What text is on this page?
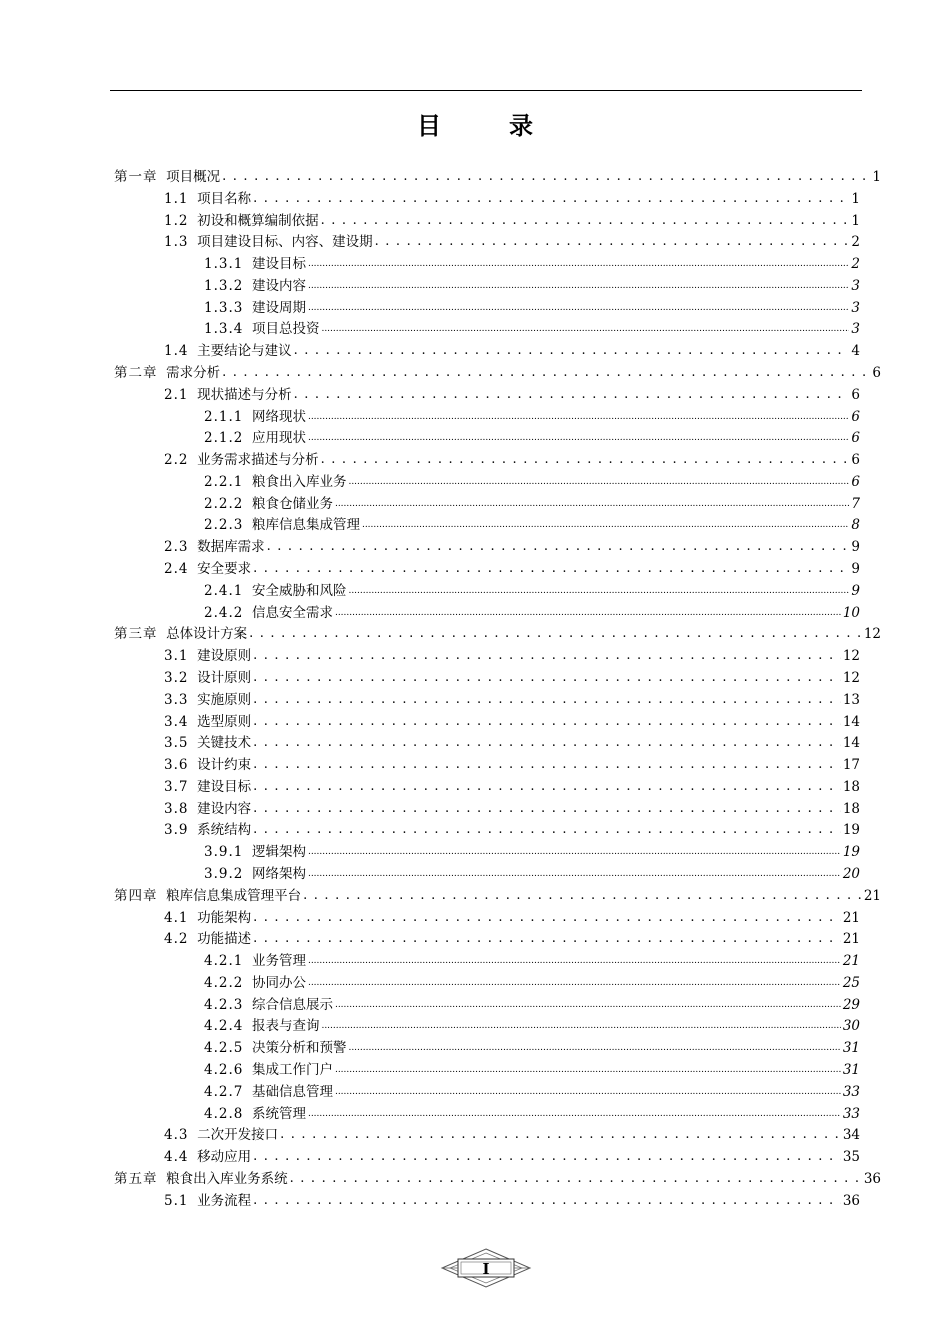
目　录
第一章 项目概况 . . .	1
1.1 项目名称 . . .	1
1.2 初设和概算编制依据 . . .	1
1.3 项目建设目标、内容、建设期 . . .	2
1.3.1 建设目标 .....	2
1.3.2 建设内容 .....	3
1.3.3 建设周期 .....	3
1.3.4 项目总投资 .....	3
1.4 主要结论与建议 . . .	4
第二章 需求分析 . . .	6
2.1 现状描述与分析 . . .	6
2.1.1 网络现状 .....	6
2.1.2 应用现状 .....	6
2.2 业务需求描述与分析 . . .	6
2.2.1 粮食出入库业务 .....	6
2.2.2 粮食仓储业务 .....	7
2.2.3 粮库信息集成管理 .....	8
2.3 数据库需求 . . .	9
2.4 安全要求 . . .	9
2.4.1 安全威胁和风险 .....	9
2.4.2 信息安全需求 .....	10
第三章 总体设计方案 . . .	12
3.1 建设原则 . . .	12
3.2 设计原则 . . .	12
3.3 实施原则 . . .	13
3.4 选型原则 . . .	14
3.5 关键技术 . . .	14
3.6 设计约束 . . .	17
3.7 建设目标 . . .	18
3.8 建设内容 . . .	18
3.9 系统结构 . . .	19
3.9.1 逻辑架构 .....	19
3.9.2 网络架构 .....	20
第四章 粮库信息集成管理平台 . . .	21
4.1 功能架构 . . .	21
4.2 功能描述 . . .	21
4.2.1 业务管理 .....	21
4.2.2 协同办公 .....	25
4.2.3 综合信息展示 .....	29
4.2.4 报表与查询 .....	30
4.2.5 决策分析和预警 .....	31
4.2.6 集成工作门户 .....	31
4.2.7 基础信息管理 .....	33
4.2.8 系统管理 .....	33
4.3 二次开发接口 . . .	34
4.4 移动应用 . . .	35
第五章 粮食出入库业务系统 . . .	36
5.1 业务流程 . . .	36
I
